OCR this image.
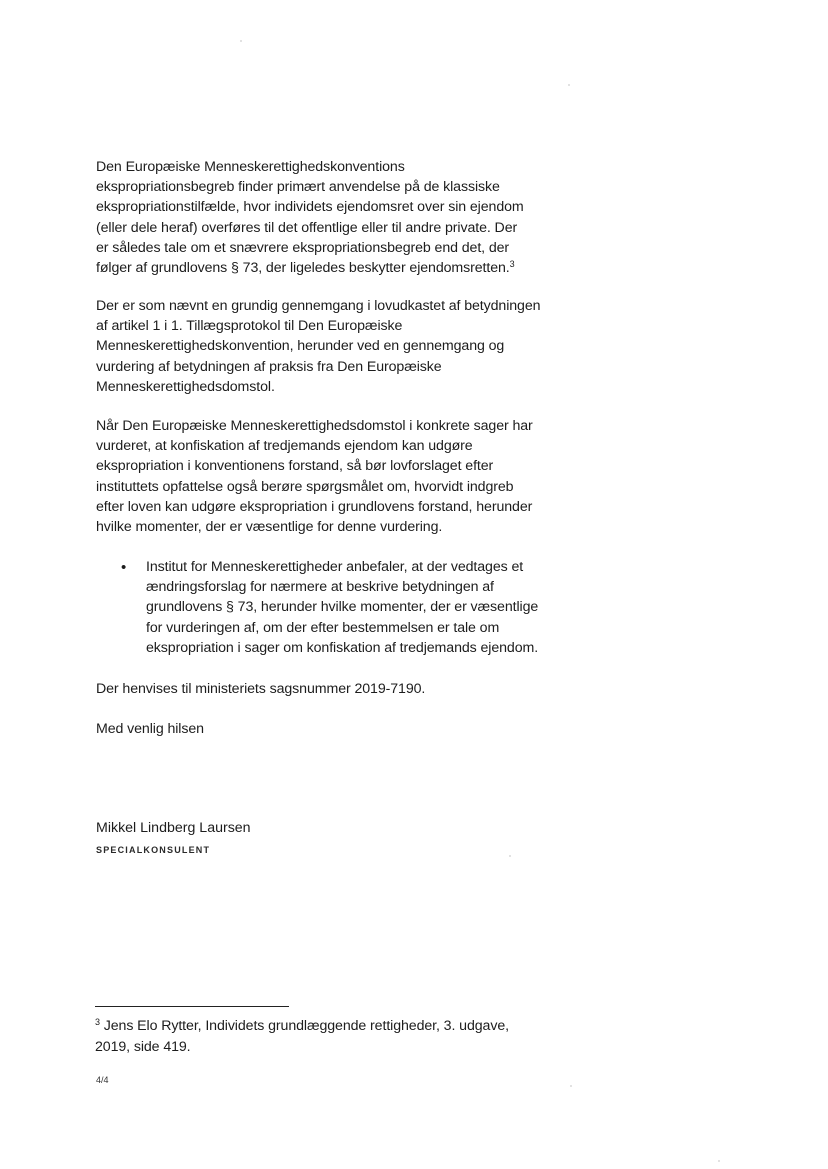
Den Europæiske Menneskerettighedskonventions
ekspropriationsbegreb finder primært anvendelse på de klassiske
ekspropriationstilfælde, hvor individets ejendomsret over sin ejendom
(eller dele heraf) overføres til det offentlige eller til andre private. Der
er således tale om et snævrere ekspropriationsbegreb end det, der
følger af grundlovens § 73, der ligeledes beskytter ejendomsretten.$^3$

Der er som nævnt en grundig gennemgang i lovudkastet af betydningen
af artikel 1 i 1. Tillægsprotokol til Den Europæiske
Menneskerettighedskonvention, herunder ved en gennemgang og
vurdering af betydningen af praksis fra Den Europæiske
Menneskerettighedsdomstol.

Når Den Europæiske Menneskerettighedsdomstol i konkrete sager har
vurderet, at konfiskation af tredjemands ejendom kan udgøre
ekspropriation i konventionens forstand, så bør lovforslaget efter
instituttets opfattelse også berøre spørgsmålet om, hvorvidt indgreb
efter loven kan udgøre ekspropriation i grundlovens forstand, herunder
hvilke momenter, der er væsentlige for denne vurdering.

• Institut for Menneskerettigheder anbefaler, at der vedtages et
ændringsforslag for nærmere at beskrive betydningen af
grundlovens § 73, herunder hvilke momenter, der er væsentlige
for vurderingen af, om der efter bestemmelsen er tale om
ekspropriation i sager om konfiskation af tredjemands ejendom.

Der henvises til ministeriets sagsnummer 2019-7190.

Med venlig hilsen

Mikkel Lindberg Laursen
SPECIALKONSULENT
$^3$ Jens Elo Rytter, Individets grundlæggende rettigheder, 3. udgave,
2019, side 419.
4/4
